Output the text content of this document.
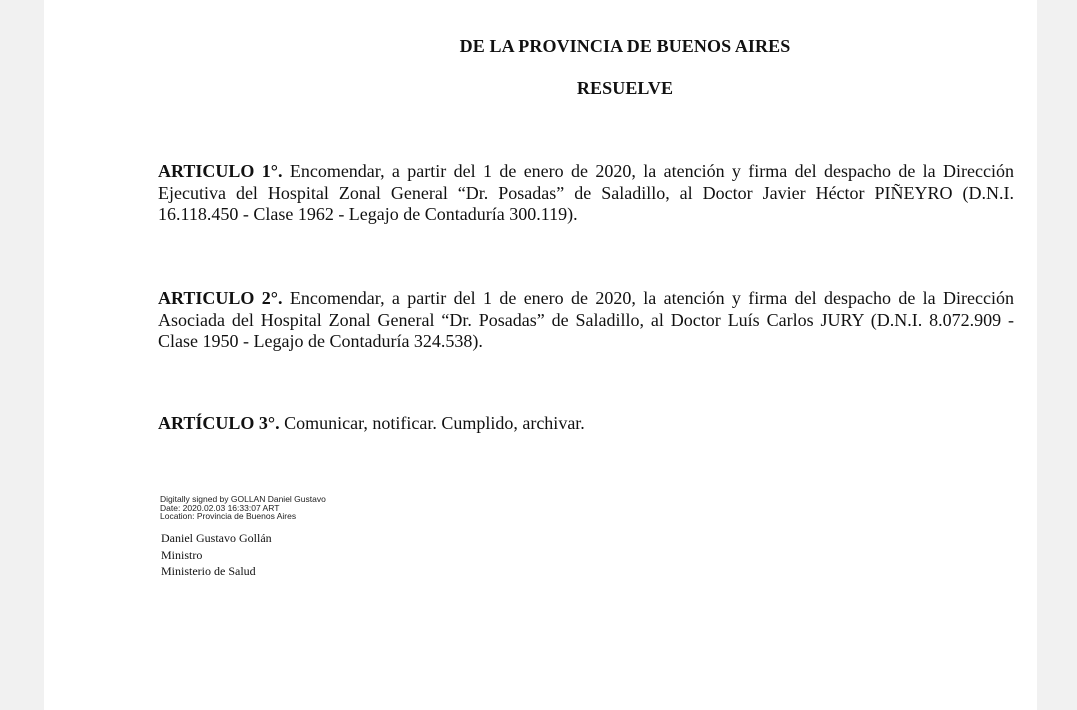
DE LA PROVINCIA DE BUENOS AIRES
RESUELVE
ARTICULO 1°. Encomendar, a partir del 1 de enero de 2020, la atención y firma del despacho de la Dirección Ejecutiva del Hospital Zonal General “Dr. Posadas” de Saladillo, al Doctor Javier Héctor PIÑEYRO (D.N.I. 16.118.450 - Clase 1962 - Legajo de Contaduría 300.119).
ARTICULO 2°. Encomendar, a partir del 1 de enero de 2020, la atención y firma del despacho de la Dirección Asociada del Hospital Zonal General “Dr. Posadas” de Saladillo, al Doctor Luís Carlos JURY (D.N.I. 8.072.909 - Clase 1950 - Legajo de Contaduría 324.538).
ARTÍCULO 3°. Comunicar, notificar. Cumplido, archivar.
Digitally signed by GOLLAN Daniel Gustavo
Date: 2020.02.03 16:33:07 ART
Location: Provincia de Buenos Aires
Daniel Gustavo Gollán
Ministro
Ministerio de Salud
